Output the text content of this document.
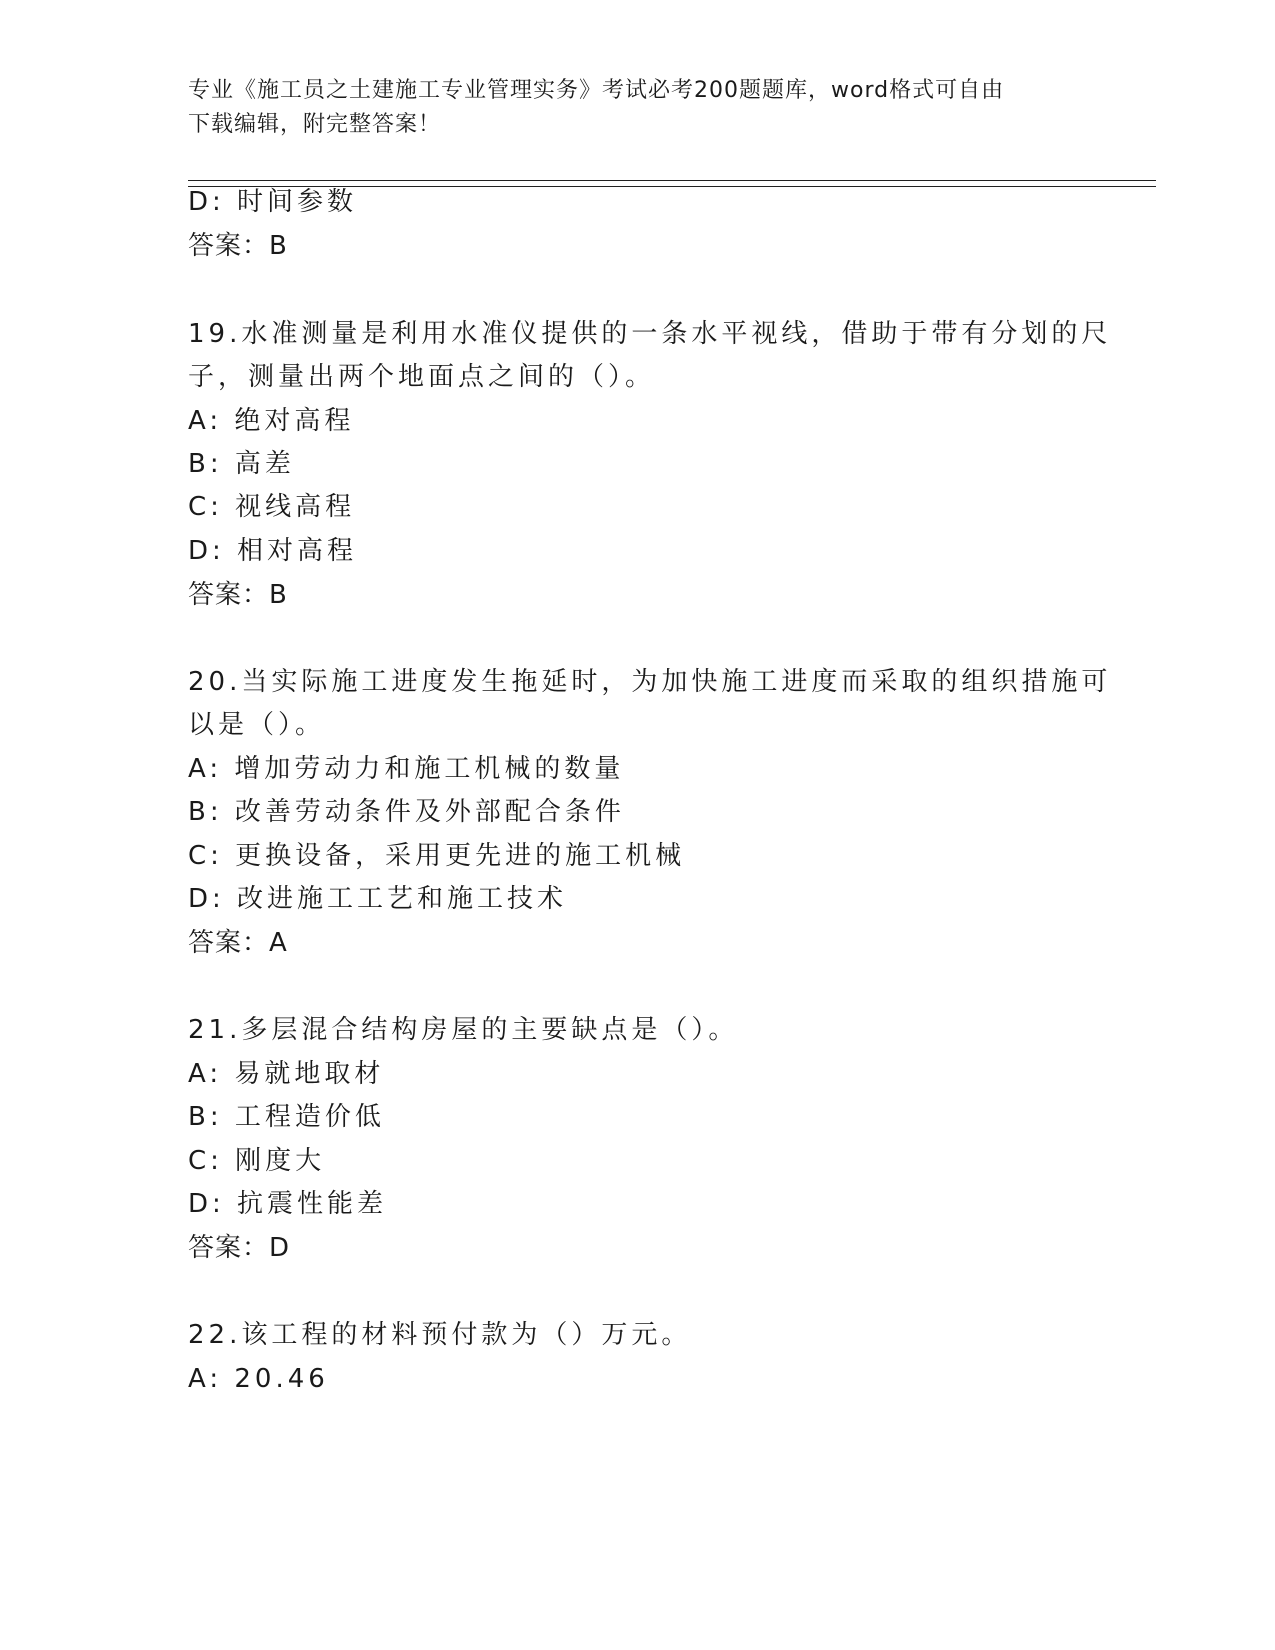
专业《施工员之土建施工专业管理实务》考试必考200题题库，word格式可自由
下载编辑，附完整答案！
D: 时间参数
答案：B
19.水准测量是利用水准仪提供的一条水平视线，借助于带有分划的尺
子，测量出两个地面点之间的（）。
A: 绝对高程
B: 高差
C: 视线高程
D: 相对高程
答案：B
20.当实际施工进度发生拖延时，为加快施工进度而采取的组织措施可
以是（）。
A: 增加劳动力和施工机械的数量
B: 改善劳动条件及外部配合条件
C: 更换设备，采用更先进的施工机械
D: 改进施工工艺和施工技术
答案：A
21.多层混合结构房屋的主要缺点是（）。
A: 易就地取材
B: 工程造价低
C: 刚度大
D: 抗震性能差
答案：D
22.该工程的材料预付款为（）万元。
A: 20.46
